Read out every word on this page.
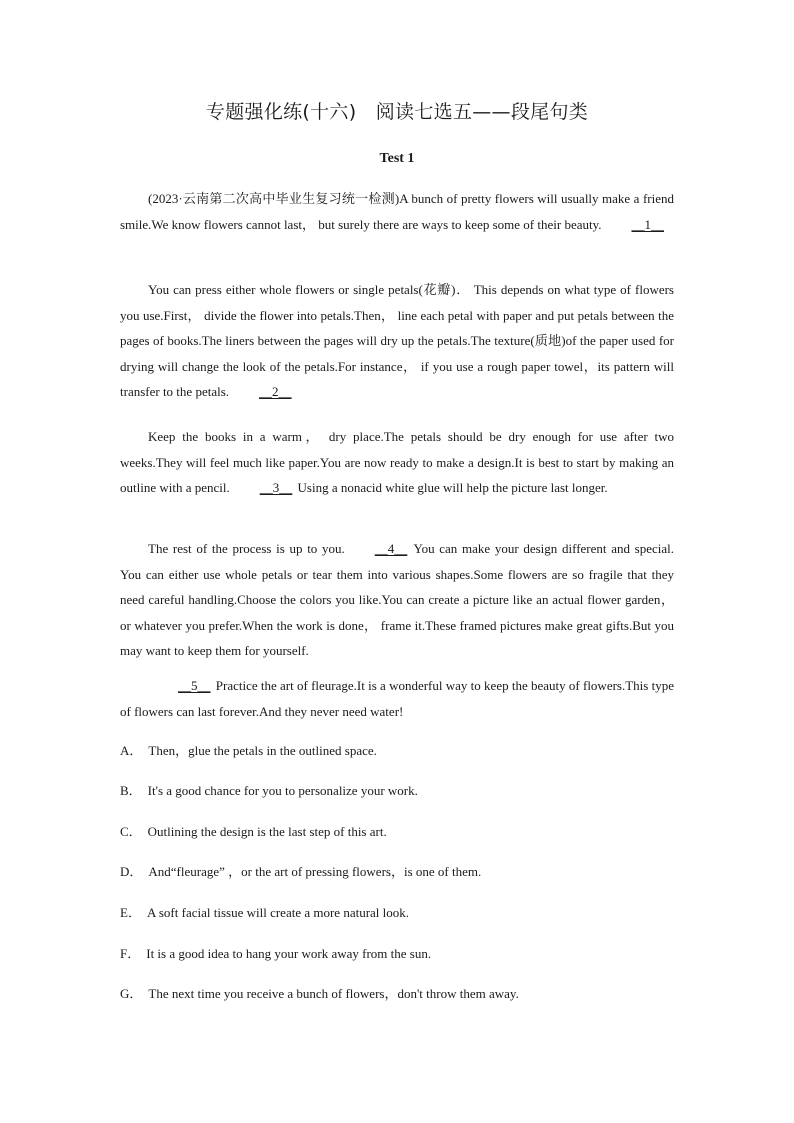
专题强化练(十六)　阅读七选五——段尾句类
Test 1

(2023·云南第二次高中毕业生复习统一检测)A bunch of pretty flowers will usually make a friend smile.We know flowers cannot last， but surely there are ways to keep some of their beauty. __1__

You can press either whole flowers or single petals(花瓣)． This depends on what type of flowers you use.First， divide the flower into petals.Then， line each petal with paper and put petals between the pages of books.The liners between the pages will dry up the petals.The texture(质地)of the paper used for drying will change the look of the petals.For instance， if you use a rough paper towel，its pattern will transfer to the petals. __2__

Keep the books in a warm， dry place.The petals should be dry enough for use after two weeks.They will feel much like paper.You are now ready to make a design.It is best to start by making an outline with a pencil. __3__ Using a nonacid white glue will help the picture last longer.

The rest of the process is up to you. __4__ You can make your design different and special. You can either use whole petals or tear them into various shapes.Some flowers are so fragile that they need careful handling.Choose the colors you like.You can create a picture like an actual flower garden， or whatever you prefer.When the work is done， frame it.These framed pictures make great gifts.But you may want to keep them for yourself.

__5__ Practice the art of fleurage.It is a wonderful way to keep the beauty of flowers.This type of flowers can last forever.And they never need water!

A． Then，glue the petals in the outlined space.
B． It's a good chance for you to personalize your work.
C． Outlining the design is the last step of this art.
D． And“fleurage” ，or the art of pressing flowers，is one of them.
E． A soft facial tissue will create a more natural look.
F． It is a good idea to hang your work away from the sun.
G． The next time you receive a bunch of flowers，don't throw them away.
